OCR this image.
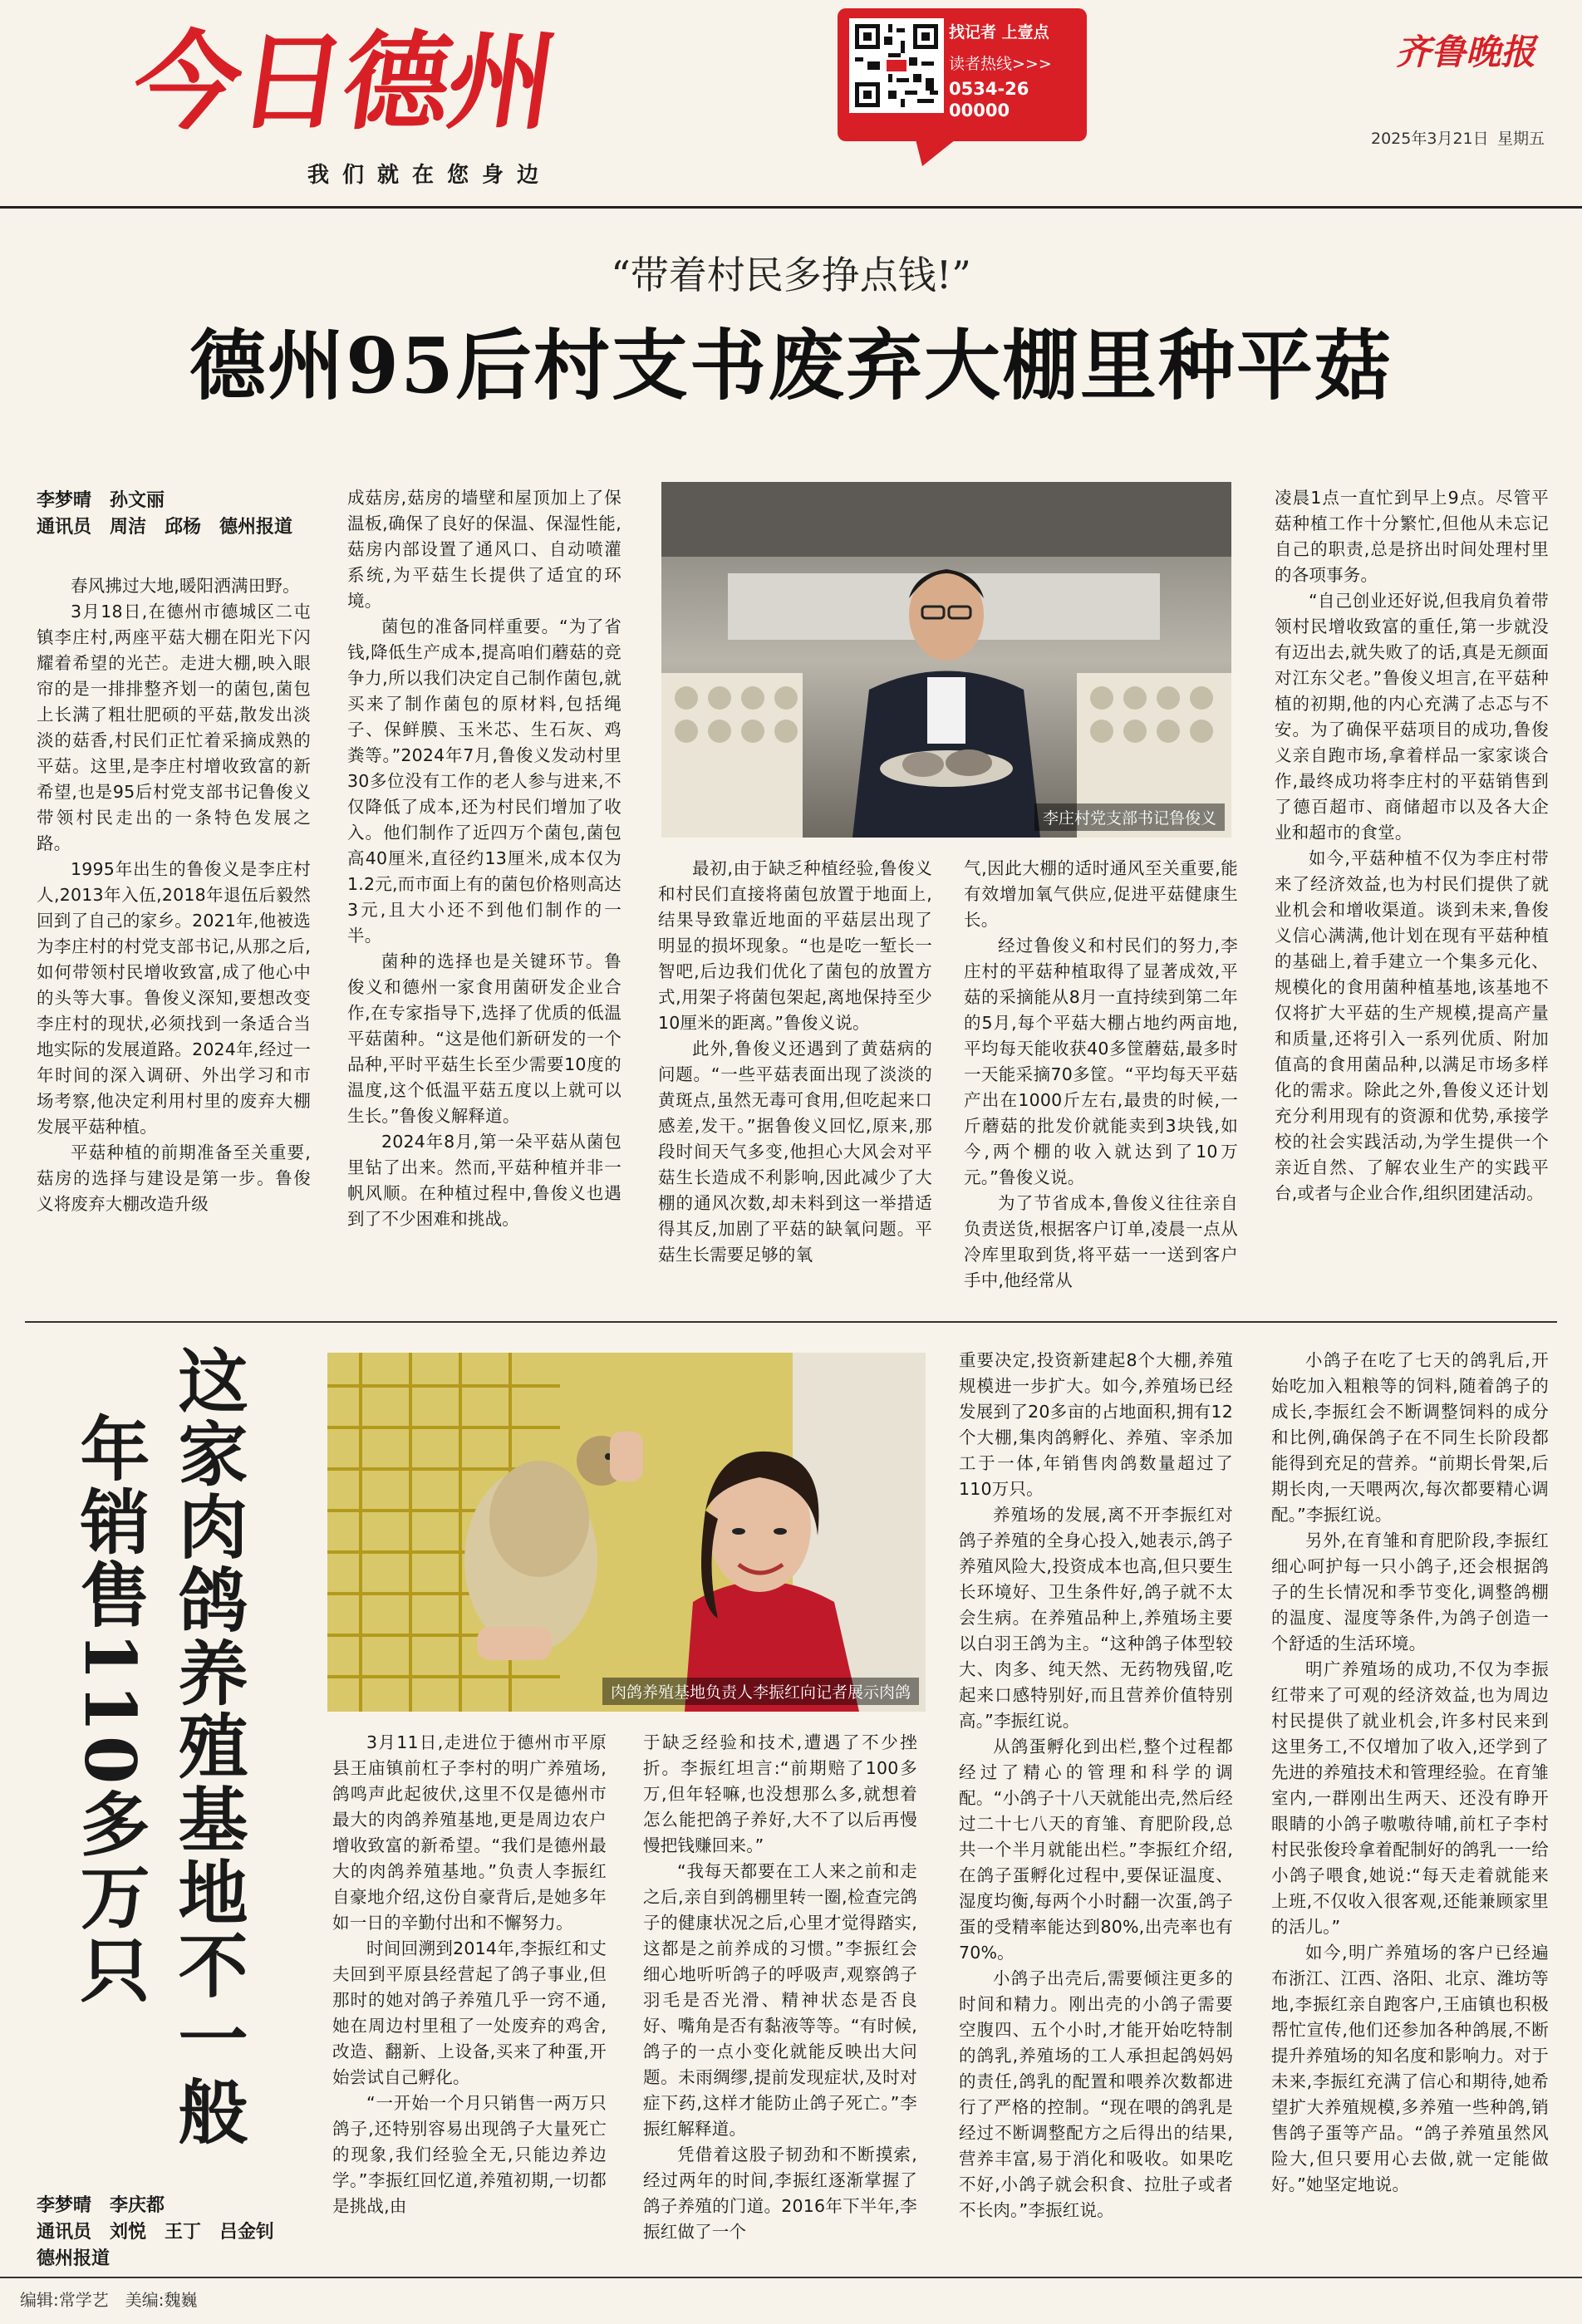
今日德州
我们就在您身边
找记者 上壹点
读者热线>>>
0534-2600000
齐鲁晚报
2025年3月21日 星期五
“带着村民多挣点钱!”
德州95后村支书废弃大棚里种平菇
李梦晴　孙文丽
通讯员　周洁　邱杨　德州报道

春风拂过大地,暖阳洒满田野。

3月18日,在德州市德城区二屯镇李庄村,两座平菇大棚在阳光下闪耀着希望的光芒。走进大棚,映入眼帘的是一排排整齐划一的菌包,菌包上长满了粗壮肥硕的平菇,散发出淡淡的菇香,村民们正忙着采摘成熟的平菇。这里,是李庄村增收致富的新希望,也是95后村党支部书记鲁俊义带领村民走出的一条特色发展之路。

1995年出生的鲁俊义是李庄村人,2013年入伍,2018年退伍后毅然回到了自己的家乡。2021年,他被选为李庄村的村党支部书记,从那之后,如何带领村民增收致富,成了他心中的头等大事。鲁俊义深知,要想改变李庄村的现状,必须找到一条适合当地实际的发展道路。2024年,经过一年时间的深入调研、外出学习和市场考察,他决定利用村里的废弃大棚发展平菇种植。

平菇种植的前期准备至关重要,菇房的选择与建设是第一步。鲁俊义将废弃大棚改造升级

成菇房,菇房的墙壁和屋顶加上了保温板,确保了良好的保温、保湿性能,菇房内部设置了通风口、自动喷灌系统,为平菇生长提供了适宜的环境。

菌包的准备同样重要。“为了省钱,降低生产成本,提高咱们蘑菇的竞争力,所以我们决定自己制作菌包,就买来了制作菌包的原材料,包括绳子、保鲜膜、玉米芯、生石灰、鸡粪等。”2024年7月,鲁俊义发动村里30多位没有工作的老人参与进来,不仅降低了成本,还为村民们增加了收入。他们制作了近四万个菌包,菌包高40厘米,直径约13厘米,成本仅为1.2元,而市面上有的菌包价格则高达3元,且大小还不到他们制作的一半。

菌种的选择也是关键环节。鲁俊义和德州一家食用菌研发企业合作,在专家指导下,选择了优质的低温平菇菌种。“这是他们新研发的一个品种,平时平菇生长至少需要10度的温度,这个低温平菇五度以上就可以生长。”鲁俊义解释道。

2024年8月,第一朵平菇从菌包里钻了出来。然而,平菇种植并非一帆风顺。在种植过程中,鲁俊义也遇到了不少困难和挑战。

李庄村党支部书记鲁俊义

最初,由于缺乏种植经验,鲁俊义和村民们直接将菌包放置于地面上,结果导致靠近地面的平菇层出现了明显的损坏现象。“也是吃一堑长一智吧,后边我们优化了菌包的放置方式,用架子将菌包架起,离地保持至少10厘米的距离。”鲁俊义说。

此外,鲁俊义还遇到了黄菇病的问题。“一些平菇表面出现了淡淡的黄斑点,虽然无毒可食用,但吃起来口感差,发干。”据鲁俊义回忆,原来,那段时间天气多变,他担心大风会对平菇生长造成不利影响,因此减少了大棚的通风次数,却未料到这一举措适得其反,加剧了平菇的缺氧问题。平菇生长需要足够的氧

气,因此大棚的适时通风至关重要,能有效增加氧气供应,促进平菇健康生长。

经过鲁俊义和村民们的努力,李庄村的平菇种植取得了显著成效,平菇的采摘能从8月一直持续到第二年的5月,每个平菇大棚占地约两亩地,平均每天能收获40多筐蘑菇,最多时一天能采摘70多筐。“平均每天平菇产出在1000斤左右,最贵的时候,一斤蘑菇的批发价就能卖到3块钱,如今,两个棚的收入就达到了10万元。”鲁俊义说。

为了节省成本,鲁俊义往往亲自负责送货,根据客户订单,凌晨一点从冷库里取到货,将平菇一一送到客户手中,他经常从

凌晨1点一直忙到早上9点。尽管平菇种植工作十分繁忙,但他从未忘记自己的职责,总是挤出时间处理村里的各项事务。

“自己创业还好说,但我肩负着带领村民增收致富的重任,第一步就没有迈出去,就失败了的话,真是无颜面对江东父老。”鲁俊义坦言,在平菇种植的初期,他的内心充满了忐忑与不安。为了确保平菇项目的成功,鲁俊义亲自跑市场,拿着样品一家家谈合作,最终成功将李庄村的平菇销售到了德百超市、商储超市以及各大企业和超市的食堂。

如今,平菇种植不仅为李庄村带来了经济效益,也为村民们提供了就业机会和增收渠道。谈到未来,鲁俊义信心满满,他计划在现有平菇种植的基础上,着手建立一个集多元化、规模化的食用菌种植基地,该基地不仅将扩大平菇的生产规模,提高产量和质量,还将引入一系列优质、附加值高的食用菌品种,以满足市场多样化的需求。除此之外,鲁俊义还计划充分利用现有的资源和优势,承接学校的社会实践活动,为学生提供一个亲近自然、了解农业生产的实践平台,或者与企业合作,组织团建活动。

这家肉鸽养殖基地不一般
年销售110多万只
李梦晴　李庆都
通讯员　刘悦　王丁　吕金钊
德州报道
肉鸽养殖基地负责人李振红向记者展示肉鸽

3月11日,走进位于德州市平原县王庙镇前杠子李村的明广养殖场,鸽鸣声此起彼伏,这里不仅是德州市最大的肉鸽养殖基地,更是周边农户增收致富的新希望。“我们是德州最大的肉鸽养殖基地。”负责人李振红自豪地介绍,这份自豪背后,是她多年如一日的辛勤付出和不懈努力。

时间回溯到2014年,李振红和丈夫回到平原县经营起了鸽子事业,但那时的她对鸽子养殖几乎一窍不通,她在周边村里租了一处废弃的鸡舍,改造、翻新、上设备,买来了种蛋,开始尝试自己孵化。

“一开始一个月只销售一两万只鸽子,还特别容易出现鸽子大量死亡的现象,我们经验全无,只能边养边学。”李振红回忆道,养殖初期,一切都是挑战,由

于缺乏经验和技术,遭遇了不少挫折。李振红坦言:“前期赔了100多万,但年轻嘛,也没想那么多,就想着怎么能把鸽子养好,大不了以后再慢慢把钱赚回来。”

“我每天都要在工人来之前和走之后,亲自到鸽棚里转一圈,检查完鸽子的健康状况之后,心里才觉得踏实,这都是之前养成的习惯。”李振红会细心地听听鸽子的呼吸声,观察鸽子羽毛是否光滑、精神状态是否良好、嘴角是否有黏液等等。“有时候,鸽子的一点小变化就能反映出大问题。未雨绸缪,提前发现症状,及时对症下药,这样才能防止鸽子死亡。”李振红解释道。

凭借着这股子韧劲和不断摸索,经过两年的时间,李振红逐渐掌握了鸽子养殖的门道。2016年下半年,李振红做了一个

重要决定,投资新建起8个大棚,养殖规模进一步扩大。如今,养殖场已经发展到了20多亩的占地面积,拥有12个大棚,集肉鸽孵化、养殖、宰杀加工于一体,年销售肉鸽数量超过了110万只。

养殖场的发展,离不开李振红对鸽子养殖的全身心投入,她表示,鸽子养殖风险大,投资成本也高,但只要生长环境好、卫生条件好,鸽子就不太会生病。在养殖品种上,养殖场主要以白羽王鸽为主。“这种鸽子体型较大、肉多、纯天然、无药物残留,吃起来口感特别好,而且营养价值特别高。”李振红说。

从鸽蛋孵化到出栏,整个过程都经过了精心的管理和科学的调配。“小鸽子十八天就能出壳,然后经过二十七八天的育雏、育肥阶段,总共一个半月就能出栏。”李振红介绍,在鸽子蛋孵化过程中,要保证温度、湿度均衡,每两个小时翻一次蛋,鸽子蛋的受精率能达到80%,出壳率也有70%。

小鸽子出壳后,需要倾注更多的时间和精力。刚出壳的小鸽子需要空腹四、五个小时,才能开始吃特制的鸽乳,养殖场的工人承担起鸽妈妈的责任,鸽乳的配置和喂养次数都进行了严格的控制。“现在喂的鸽乳是经过不断调整配方之后得出的结果,营养丰富,易于消化和吸收。如果吃不好,小鸽子就会积食、拉肚子或者不长肉。”李振红说。

小鸽子在吃了七天的鸽乳后,开始吃加入粗粮等的饲料,随着鸽子的成长,李振红会不断调整饲料的成分和比例,确保鸽子在不同生长阶段都能得到充足的营养。“前期长骨架,后期长肉,一天喂两次,每次都要精心调配。”李振红说。

另外,在育雏和育肥阶段,李振红细心呵护每一只小鸽子,还会根据鸽子的生长情况和季节变化,调整鸽棚的温度、湿度等条件,为鸽子创造一个舒适的生活环境。

明广养殖场的成功,不仅为李振红带来了可观的经济效益,也为周边村民提供了就业机会,许多村民来到这里务工,不仅增加了收入,还学到了先进的养殖技术和管理经验。在育雏室内,一群刚出生两天、还没有睁开眼睛的小鸽子嗷嗷待哺,前杠子李村村民张俊玲拿着配制好的鸽乳一一给小鸽子喂食,她说:“每天走着就能来上班,不仅收入很客观,还能兼顾家里的活儿。”

如今,明广养殖场的客户已经遍布浙江、江西、洛阳、北京、潍坊等地,李振红亲自跑客户,王庙镇也积极帮忙宣传,他们还参加各种鸽展,不断提升养殖场的知名度和影响力。对于未来,李振红充满了信心和期待,她希望扩大养殖规模,多养殖一些种鸽,销售鸽子蛋等产品。“鸽子养殖虽然风险大,但只要用心去做,就一定能做好。”她坚定地说。

编辑:常学艺　美编:魏巍
